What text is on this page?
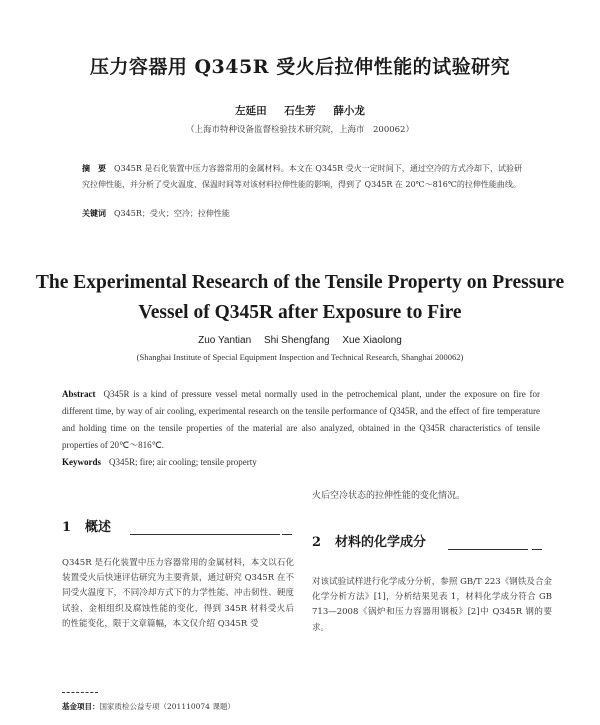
压力容器用 Q345R 受火后拉伸性能的试验研究
左延田 石生芳 薛小龙
（上海市特种设备监督检验技术研究院，上海市　200062）
摘　要 Q345R 是石化装置中压力容器常用的金属材料。本文在 Q345R 受火一定时间下，通过空冷的方式冷却下，试验研究拉伸性能，并分析了受火温度、保温时间等对该材料拉伸性能的影响，得到了 Q345R 在 20℃～816℃的拉伸性能曲线。
关键词 Q345R；受火；空冷；拉伸性能
The Experimental Research of the Tensile Property on Pressure Vessel of Q345R after Exposure to Fire
Zuo Yantian Shi Shengfang Xue Xiaolong
(Shanghai Institute of Special Equipment Inspection and Technical Research, Shanghai 200062)
Abstract Q345R is a kind of pressure vessel metal normally used in the petrochemical plant, under the exposure on fire for different time, by way of air cooling, experimental research on the tensile performance of Q345R, and the effect of fire temperature and holding time on the tensile properties of the material are also analyzed, obtained in the Q345R characteristics of tensile properties of 20℃～816℃.
Keywords Q345R; fire; air cooling; tensile property
火后空冷状态的拉伸性能的变化情况。
1 概述
2 材料的化学成分
Q345R 是石化装置中压力容器常用的金属材料，本文以石化装置受火后快速评估研究为主要背景，通过研究 Q345R 在不同受火温度下，不同冷却方式下的力学性能、冲击韧性、硬度试验、金相组织及腐蚀性能的变化，得到 345R 材料受火后的性能变化，限于文章篇幅，本文仅介绍 Q345R 受
对该试验试样进行化学成分分析，参照 GB/T 223《钢铁及合金化学分析方法》[1]，分析结果见表 1，材料化学成分符合 GB 713—2008《锅炉和压力容器用钢板》[2]中 Q345R 钢的要求。
基金项目：国家质检公益专项（201110074 课题）
